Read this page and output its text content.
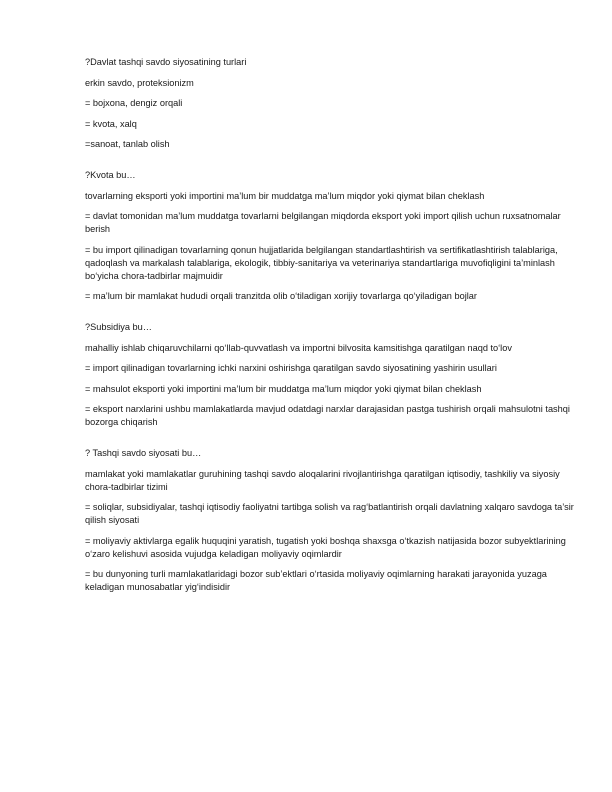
?Davlat tashqi savdo siyosatining turlari

erkin savdo, proteksionizm

= bojxona, dengiz orqali

= kvota, xalq

=sanoat, tanlab olish

?Kvota bu…

tovarlarning eksporti yoki importini ma’lum bir muddatga ma’lum miqdor yoki qiymat bilan cheklash

= davlat tomonidan ma’lum muddatga tovarlarni belgilangan miqdorda eksport yoki import qilish uchun ruxsatnomalar berish

= bu import qilinadigan tovarlarning qonun hujjatlarida belgilangan standartlashtirish va sertifikatlashtirish talablariga, qadoqlash va markalash talablariga, ekologik, tibbiy-sanitariya va veterinariya standartlariga muvofiqligini ta’minlash bo‘yicha chora-tadbirlar majmuidir

= ma’lum bir mamlakat hududi orqali tranzitda olib o‘tiladigan xorijiy tovarlarga qo‘yiladigan bojlar

?Subsidiya bu…

mahalliy ishlab chiqaruvchilarni qo‘llab-quvvatlash va importni bilvosita kamsitishga qaratilgan naqd to‘lov

= import qilinadigan tovarlarning ichki narxini oshirishga qaratilgan savdo siyosatining yashirin usullari

= mahsulot eksporti yoki importini ma’lum bir muddatga ma’lum miqdor yoki qiymat bilan cheklash

= eksport narxlarini ushbu mamlakatlarda mavjud odatdagi narxlar darajasidan pastga tushirish orqali mahsulotni tashqi bozorga chiqarish

? Tashqi savdo siyosati bu…

mamlakat yoki mamlakatlar guruhining tashqi savdo aloqalarini rivojlantirishga qaratilgan iqtisodiy, tashkiliy va siyosiy chora-tadbirlar tizimi

= soliqlar, subsidiyalar, tashqi iqtisodiy faoliyatni tartibga solish va rag‘batlantirish orqali davlatning xalqaro savdoga ta’sir qilish siyosati

= moliyaviy aktivlarga egalik huquqini yaratish, tugatish yoki boshqa shaxsga o‘tkazish natijasida bozor subyektlarining o‘zaro kelishuvi asosida vujudga keladigan moliyaviy oqimlardir

= bu dunyoning turli mamlakatlaridagi bozor sub’ektlari o‘rtasida moliyaviy oqimlarning harakati jarayonida yuzaga keladigan munosabatlar yig‘indisidir
